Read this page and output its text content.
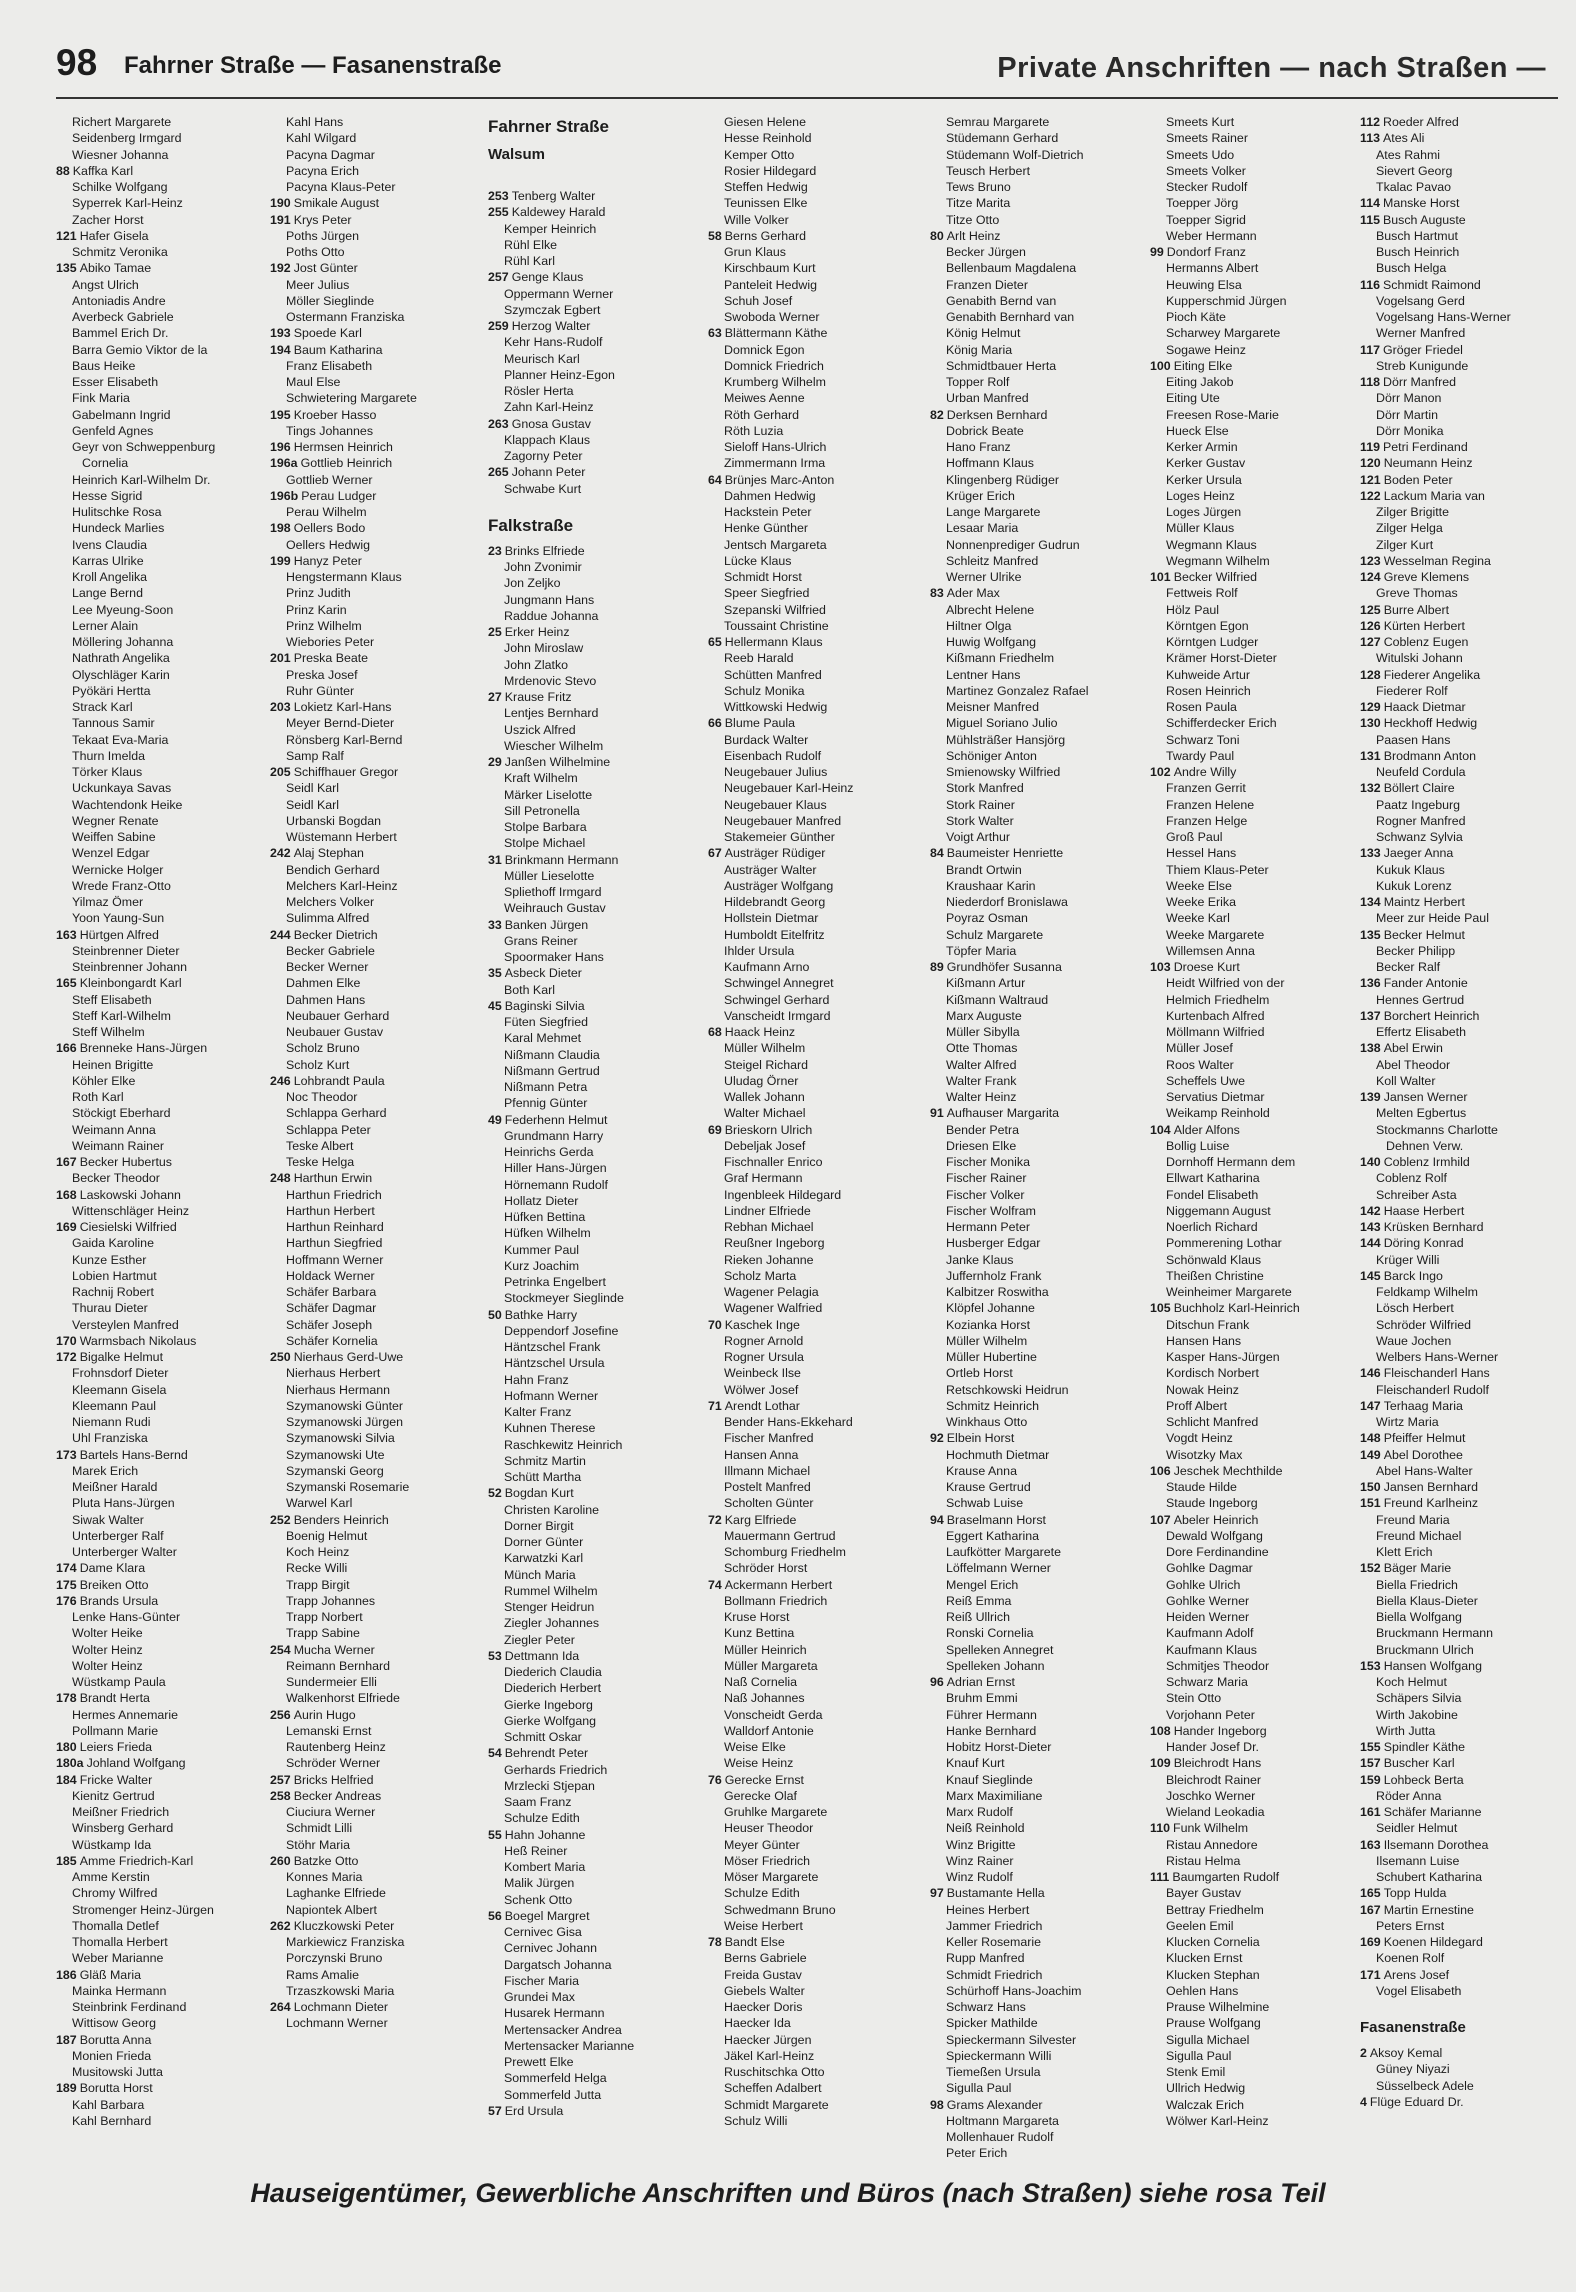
98 Fahrner Straße — Fasanenstraße	Private Anschriften — nach Straßen —
Richert Margarete
Seidenberg Irmgard
Wiesner Johanna
88 Kaffka Karl
Schilke Wolfgang
Syperrek Karl-Heinz
Zacher Horst
121 Hafer Gisela
Schmitz Veronika
135 Abiko Tamae
Angst Ulrich
Antoniadis Andre
Averbeck Gabriele
Bammel Erich Dr.
Barra Gemio Viktor de la
Baus Heike
Esser Elisabeth
Fink Maria
Gabelmann Ingrid
Genfeld Agnes
Geyr von Schweppenburg
Cornelia
Heinrich Karl-Wilhelm Dr.
Hesse Sigrid
Hulitschke Rosa
Hundeck Marlies
Ivens Claudia
Karras Ulrike
Kroll Angelika
Lange Bernd
Lee Myeung-Soon
Lerner Alain
Möllering Johanna
Nathrath Angelika
Olyschläger Karin
Pyökäri Hertta
Strack Karl
Tannous Samir
Tekaat Eva-Maria
Thurn Imelda
Törker Klaus
Uckunkaya Savas
Wachtendonk Heike
Wegner Renate
Weiffen Sabine
Wenzel Edgar
Wernicke Holger
Wrede Franz-Otto
Yilmaz Ömer
Yoon Yaung-Sun
163 Hürtgen Alfred
Steinbrenner Dieter
Steinbrenner Johann
165 Kleinbongardt Karl
Steff Elisabeth
Steff Karl-Wilhelm
Steff Wilhelm
166 Brenneke Hans-Jürgen
Heinen Brigitte
Köhler Elke
Roth Karl
Stöckigt Eberhard
Weimann Anna
Weimann Rainer
167 Becker Hubertus
Becker Theodor
168 Laskowski Johann
Wittenschläger Heinz
169 Ciesielski Wilfried
Gaida Karoline
Kunze Esther
Lobien Hartmut
Rachnij Robert
Thurau Dieter
Versteylen Manfred
170 Warmsbach Nikolaus
172 Bigalke Helmut
Frohnsdorf Dieter
Kleemann Gisela
Kleemann Paul
Niemann Rudi
Uhl Franziska
173 Bartels Hans-Bernd
Marek Erich
Meißner Harald
Pluta Hans-Jürgen
Siwak Walter
Unterberger Ralf
Unterberger Walter
174 Dame Klara
175 Breiken Otto
176 Brands Ursula
Lenke Hans-Günter
Wolter Heike
Wolter Heinz
Wolter Heinz
Wüstkamp Paula
178 Brandt Herta
Hermes Annemarie
Pollmann Marie
180 Leiers Frieda
180a Johland Wolfgang
184 Fricke Walter
Kienitz Gertrud
Meißner Friedrich
Winsberg Gerhard
Wüstkamp Ida
185 Amme Friedrich-Karl
Amme Kerstin
Chromy Wilfred
Stromenger Heinz-Jürgen
Thomalla Detlef
Thomalla Herbert
Weber Marianne
186 Gläß Maria
Mainka Hermann
Steinbrink Ferdinand
Wittisow Georg
187 Borutta Anna
Monien Frieda
Musitowski Jutta
189 Borutta Horst
Kahl Barbara
Kahl Bernhard
Kahl Hans
Kahl Wilgard
Pacyna Dagmar
Pacyna Erich
Pacyna Klaus-Peter
190 Smikale August
191 Krys Peter
Poths Jürgen
Poths Otto
192 Jost Günter
Meer Julius
Möller Sieglinde
Ostermann Franziska
193 Spoede Karl
194 Baum Katharina
Franz Elisabeth
Maul Else
Schwietering Margarete
195 Kroeber Hasso
Tings Johannes
196 Hermsen Heinrich
196a Gottlieb Heinrich
Gottlieb Werner
196b Perau Ludger
Perau Wilhelm
198 Oellers Bodo
Oellers Hedwig
199 Hanyz Peter
Hengstermann Klaus
Prinz Judith
Prinz Karin
Prinz Wilhelm
Wiebories Peter
201 Preska Beate
Preska Josef
Ruhr Günter
203 Lokietz Karl-Hans
Meyer Bernd-Dieter
Rönsberg Karl-Bernd
Samp Ralf
205 Schiffhauer Gregor
Seidl Karl
Seidl Karl
Urbanski Bogdan
Wüstemann Herbert
242 Alaj Stephan
Bendich Gerhard
Melchers Karl-Heinz
Melchers Volker
Sulimma Alfred
244 Becker Dietrich
Becker Gabriele
Becker Werner
Dahmen Elke
Dahmen Hans
Neubauer Gerhard
Neubauer Gustav
Scholz Bruno
Scholz Kurt
246 Lohbrandt Paula
Noc Theodor
Schlappa Gerhard
Schlappa Peter
Teske Albert
Teske Helga
248 Harthun Erwin
Harthun Friedrich
Harthun Herbert
Harthun Reinhard
Harthun Siegfried
Hoffmann Werner
Holdack Werner
Schäfer Barbara
Schäfer Dagmar
Schäfer Joseph
Schäfer Kornelia
250 Nierhaus Gerd-Uwe
Nierhaus Herbert
Nierhaus Hermann
Szymanowski Günter
Szymanowski Jürgen
Szymanowski Silvia
Szymanowski Ute
Szymanski Georg
Szymanski Rosemarie
Warwel Karl
252 Benders Heinrich
Boenig Helmut
Koch Heinz
Recke Willi
Trapp Birgit
Trapp Johannes
Trapp Norbert
Trapp Sabine
254 Mucha Werner
Reimann Bernhard
Sundermeier Elli
Walkenhorst Elfriede
256 Aurin Hugo
Lemanski Ernst
Rautenberg Heinz
Schröder Werner
257 Bricks Helfried
258 Becker Andreas
Ciuciura Werner
Schmidt Lilli
Stöhr Maria
260 Batzke Otto
Konnes Maria
Laghanke Elfriede
Napiontek Albert
262 Kluczkowski Peter
Markiewicz Franziska
Porczynski Bruno
Rams Amalie
Trzaszkowski Maria
264 Lochmann Dieter
Lochmann Werner
Fahrner Straße
Walsum
253 Tenberg Walter
255 Kaldewey Harald
Kemper Heinrich
Rühl Elke
Rühl Karl
257 Genge Klaus
Oppermann Werner
Szymczak Egbert
259 Herzog Walter
Kehr Hans-Rudolf
Meurisch Karl
Planner Heinz-Egon
Rösler Herta
Zahn Karl-Heinz
263 Gnosa Gustav
Klappach Klaus
Zagorny Peter
265 Johann Peter
Schwabe Kurt
Falkstraße
23 Brinks Elfriede
John Zvonimir
Jon Zeljko
Jungmann Hans
Raddue Johanna
25 Erker Heinz
John Miroslaw
John Zlatko
Mrdenovic Stevo
27 Krause Fritz
Lentjes Bernhard
Uszick Alfred
Wiescher Wilhelm
29 Janßen Wilhelmine
Kraft Wilhelm
Märker Liselotte
Sill Petronella
Stolpe Barbara
Stolpe Michael
31 Brinkmann Hermann
Müller Lieselotte
Spliethoff Irmgard
Weihrauch Gustav
33 Banken Jürgen
Grans Reiner
Spoormaker Hans
35 Asbeck Dieter
Both Karl
45 Baginski Silvia
Füten Siegfried
Karal Mehmet
Nißmann Claudia
Nißmann Gertrud
Nißmann Petra
Pfennig Günter
49 Federhenn Helmut
Grundmann Harry
Heinrichs Gerda
Hiller Hans-Jürgen
Hörnemann Rudolf
Hollatz Dieter
Hüfken Bettina
Hüfken Wilhelm
Kummer Paul
Kurz Joachim
Petrinka Engelbert
Stockmeyer Sieglinde
50 Bathke Harry
Deppendorf Josefine
Häntzschel Frank
Häntzschel Ursula
Hahn Franz
Hofmann Werner
Kalter Franz
Kuhnen Therese
Raschkewitz Heinrich
Schmitz Martin
Schütt Martha
52 Bogdan Kurt
Christen Karoline
Dorner Birgit
Dorner Günter
Karwatzki Karl
Münch Maria
Rummel Wilhelm
Stenger Heidrun
Ziegler Johannes
Ziegler Peter
53 Dettmann Ida
Diederich Claudia
Diederich Herbert
Gierke Ingeborg
Gierke Wolfgang
Schmitt Oskar
54 Behrendt Peter
Gerhards Friedrich
Mrzlecki Stjepan
Saam Franz
Schulze Edith
55 Hahn Johanne
Heß Reiner
Kombert Maria
Malik Jürgen
Schenk Otto
56 Boegel Margret
Cernivec Gisa
Cernivec Johann
Dargatsch Johanna
Fischer Maria
Grundei Max
Husarek Hermann
Mertensacker Andrea
Mertensacker Marianne
Prewett Elke
Sommerfeld Helga
Sommerfeld Jutta
57 Erd Ursula
Giesen Helene
Hesse Reinhold
Kemper Otto
Rosier Hildegard
Steffen Hedwig
Teunissen Elke
Wille Volker
58 Berns Gerhard
Grun Klaus
Kirschbaum Kurt
Panteleit Hedwig
Schuh Josef
Swoboda Werner
63 Blättermann Käthe
Domnick Egon
Domnick Friedrich
Krumberg Wilhelm
Meiwes Aenne
Röth Gerhard
Röth Luzia
Sieloff Hans-Ulrich
Zimmermann Irma
64 Brünjes Marc-Anton
Dahmen Hedwig
Hackstein Peter
Henke Günther
Jentsch Margareta
Lücke Klaus
Schmidt Horst
Speer Siegfried
Szepanski Wilfried
Toussaint Christine
65 Hellermann Klaus
Reeb Harald
Schütten Manfred
Schulz Monika
Wittkowski Hedwig
66 Blume Paula
Burdack Walter
Eisenbach Rudolf
Neugebauer Julius
Neugebauer Karl-Heinz
Neugebauer Klaus
Neugebauer Manfred
Stakemeier Günther
67 Austräger Rüdiger
Austräger Walter
Austräger Wolfgang
Hildebrandt Georg
Hollstein Dietmar
Humboldt Eitelfritz
Ihlder Ursula
Kaufmann Arno
Schwingel Annegret
Schwingel Gerhard
Vanscheidt Irmgard
68 Haack Heinz
Müller Wilhelm
Steigel Richard
Uludag Örner
Wallek Johann
Walter Michael
69 Brieskorn Ulrich
Debeljak Josef
Fischnaller Enrico
Graf Hermann
Ingenbleek Hildegard
Lindner Elfriede
Rebhan Michael
Reußner Ingeborg
Rieken Johanne
Scholz Marta
Wagener Pelagia
Wagener Walfried
70 Kaschek Inge
Rogner Arnold
Rogner Ursula
Weinbeck Ilse
Wölwer Josef
71 Arendt Lothar
Bender Hans-Ekkehard
Fischer Manfred
Hansen Anna
Illmann Michael
Postelt Manfred
Scholten Günter
72 Karg Elfriede
Mauermann Gertrud
Schomburg Friedhelm
Schröder Horst
74 Ackermann Herbert
Bollmann Friedrich
Kruse Horst
Kunz Bettina
Müller Heinrich
Müller Margareta
Naß Cornelia
Naß Johannes
Vonscheidt Gerda
Walldorf Antonie
Weise Elke
Weise Heinz
76 Gerecke Ernst
Gerecke Olaf
Gruhlke Margarete
Heuser Theodor
Meyer Günter
Möser Friedrich
Möser Margarete
Schulze Edith
Schwedmann Bruno
Weise Herbert
78 Bandt Else
Berns Gabriele
Freida Gustav
Giebels Walter
Haecker Doris
Haecker Ida
Haecker Jürgen
Jäkel Karl-Heinz
Ruschitschka Otto
Scheffen Adalbert
Schmidt Margarete
Schulz Willi
Semrau Margarete
Stüdemann Gerhard
Stüdemann Wolf-Dietrich
Teusch Herbert
Tews Bruno
Titze Marita
Titze Otto
80 Arlt Heinz
Becker Jürgen
Bellenbaum Magdalena
Franzen Dieter
Genabith Bernd van
Genabith Bernhard van
König Helmut
König Maria
Schmidtbauer Herta
Topper Rolf
Urban Manfred
82 Derksen Bernhard
Dobrick Beate
Hano Franz
Hoffmann Klaus
Klingenberg Rüdiger
Krüger Erich
Lange Margarete
Lesaar Maria
Nonnenprediger Gudrun
Schleitz Manfred
Werner Ulrike
83 Ader Max
Albrecht Helene
Hiltner Olga
Huwig Wolfgang
Kißmann Friedhelm
Lentner Hans
Martinez Gonzalez Rafael
Meisner Manfred
Miguel Soriano Julio
Mühlsträßer Hansjörg
Schöniger Anton
Smienowsky Wilfried
Stork Manfred
Stork Rainer
Stork Walter
Voigt Arthur
84 Baumeister Henriette
Brandt Ortwin
Kraushaar Karin
Niederdorf Bronislawa
Poyraz Osman
Schulz Margarete
Töpfer Maria
89 Grundhöfer Susanna
Kißmann Artur
Kißmann Waltraud
Marx Auguste
Müller Sibylla
Otte Thomas
Walter Alfred
Walter Frank
Walter Heinz
91 Aufhauser Margarita
Bender Petra
Driesen Elke
Fischer Monika
Fischer Rainer
Fischer Volker
Fischer Wolfram
Hermann Peter
Husberger Edgar
Janke Klaus
Juffernholz Frank
Kalbitzer Roswitha
Klöpfel Johanne
Kozianka Horst
Müller Wilhelm
Müller Hubertine
Ortleb Horst
Retschkowski Heidrun
Schmitz Heinrich
Winkhaus Otto
92 Elbein Horst
Hochmuth Dietmar
Krause Anna
Krause Gertrud
Schwab Luise
94 Braselmann Horst
Eggert Katharina
Laufkötter Margarete
Löffelmann Werner
Mengel Erich
Reiß Emma
Reiß Ullrich
Ronski Cornelia
Spelleken Annegret
Spelleken Johann
96 Adrian Ernst
Bruhm Emmi
Führer Hermann
Hanke Bernhard
Hobitz Horst-Dieter
Knauf Kurt
Knauf Sieglinde
Marx Maximiliane
Marx Rudolf
Neiß Reinhold
Winz Brigitte
Winz Rainer
Winz Rudolf
97 Bustamante Hella
Heines Herbert
Jammer Friedrich
Keller Rosemarie
Rupp Manfred
Schmidt Friedrich
Schürhoff Hans-Joachim
Schwarz Hans
Spicker Mathilde
Spieckermann Silvester
Spieckermann Willi
Tiemeßen Ursula
Sigulla Paul
98 Grams Alexander
Holtmann Margareta
Mollenhauer Rudolf
Peter Erich
Smeets Kurt
Smeets Rainer
Smeets Udo
Smeets Volker
Stecker Rudolf
Toepper Jörg
Toepper Sigrid
Weber Hermann
99 Dondorf Franz
Hermanns Albert
Heuwing Elsa
Kupperschmid Jürgen
Pioch Käte
Scharwey Margarete
Sogawe Heinz
100 Eiting Elke
Eiting Jakob
Eiting Ute
Freesen Rose-Marie
Hueck Else
Kerker Armin
Kerker Gustav
Kerker Ursula
Loges Heinz
Loges Jürgen
Müller Klaus
Wegmann Klaus
Wegmann Wilhelm
101 Becker Wilfried
Fettweis Rolf
Hölz Paul
Körntgen Egon
Körntgen Ludger
Krämer Horst-Dieter
Kuhweide Artur
Rosen Heinrich
Rosen Paula
Schifferdecker Erich
Schwarz Toni
Twardy Paul
102 Andre Willy
Franzen Gerrit
Franzen Helene
Franzen Helge
Groß Paul
Hessel Hans
Thiem Klaus-Peter
Weeke Else
Weeke Erika
Weeke Karl
Weeke Margarete
Willemsen Anna
103 Droese Kurt
Heidt Wilfried von der
Helmich Friedhelm
Kurtenbach Alfred
Möllmann Wilfried
Müller Josef
Roos Walter
Scheffels Uwe
Servatius Dietmar
Weikamp Reinhold
104 Alder Alfons
Bollig Luise
Dornhoff Hermann dem
Ellwart Katharina
Fondel Elisabeth
Niggemann August
Noerlich Richard
Pommerening Lothar
Schönwald Klaus
Theißen Christine
Weinheimer Margarete
105 Buchholz Karl-Heinrich
Ditschun Frank
Hansen Hans
Kasper Hans-Jürgen
Kordisch Norbert
Nowak Heinz
Proff Albert
Schlicht Manfred
Vogdt Heinz
Wisotzky Max
106 Jeschek Mechthilde
Staude Hilde
Staude Ingeborg
107 Abeler Heinrich
Dewald Wolfgang
Dore Ferdinandine
Gohlke Dagmar
Gohlke Ulrich
Gohlke Werner
Heiden Werner
Kaufmann Adolf
Kaufmann Klaus
Schmitjes Theodor
Schwarz Maria
Stein Otto
Vorjohann Peter
108 Hander Ingeborg
Hander Josef Dr.
109 Bleichrodt Hans
Bleichrodt Rainer
Joschko Werner
Wieland Leokadia
110 Funk Wilhelm
Ristau Annedore
Ristau Helma
111 Baumgarten Rudolf
Bayer Gustav
Bettray Friedhelm
Geelen Emil
Klucken Cornelia
Klucken Ernst
Klucken Stephan
Oehlen Hans
Prause Wilhelmine
Prause Wolfgang
Sigulla Michael
Sigulla Paul
Stenk Emil
Ullrich Hedwig
Walczak Erich
Wölwer Karl-Heinz
112 Roeder Alfred
113 Ates Ali
Ates Rahmi
Sievert Georg
Tkalac Pavao
114 Manske Horst
115 Busch Auguste
Busch Hartmut
Busch Heinrich
Busch Helga
116 Schmidt Raimond
Vogelsang Gerd
Vogelsang Hans-Werner
Werner Manfred
117 Gröger Friedel
Streb Kunigunde
118 Dörr Manfred
Dörr Manon
Dörr Martin
Dörr Monika
119 Petri Ferdinand
120 Neumann Heinz
121 Boden Peter
122 Lackum Maria van
Zilger Brigitte
Zilger Helga
Zilger Kurt
123 Wesselman Regina
124 Greve Klemens
Greve Thomas
125 Burre Albert
126 Kürten Herbert
127 Coblenz Eugen
Witulski Johann
128 Fiederer Angelika
Fiederer Rolf
129 Haack Dietmar
130 Heckhoff Hedwig
Paasen Hans
131 Brodmann Anton
Neufeld Cordula
132 Böllert Claire
Paatz Ingeburg
Rogner Manfred
Schwanz Sylvia
133 Jaeger Anna
Kukuk Klaus
Kukuk Lorenz
134 Maintz Herbert
Meer zur Heide Paul
135 Becker Helmut
Becker Philipp
Becker Ralf
136 Fander Antonie
Hennes Gertrud
137 Borchert Heinrich
Effertz Elisabeth
138 Abel Erwin
Abel Theodor
Koll Walter
139 Jansen Werner
Melten Egbertus
Stockmanns Charlotte
Dehnen Verw.
140 Coblenz Irmhild
Coblenz Rolf
Schreiber Asta
142 Haase Herbert
143 Krüsken Bernhard
144 Döring Konrad
Krüger Willi
145 Barck Ingo
Feldkamp Wilhelm
Lösch Herbert
Schröder Wilfried
Waue Jochen
Welbers Hans-Werner
146 Fleischanderl Hans
Fleischanderl Rudolf
147 Terhaag Maria
Wirtz Maria
148 Pfeiffer Helmut
149 Abel Dorothee
Abel Hans-Walter
150 Jansen Bernhard
151 Freund Karlheinz
Freund Maria
Freund Michael
Klett Erich
152 Bäger Marie
Biella Friedrich
Biella Klaus-Dieter
Biella Wolfgang
Bruckmann Hermann
Bruckmann Ulrich
153 Hansen Wolfgang
Koch Helmut
Schäpers Silvia
Wirth Jakobine
Wirth Jutta
155 Spindler Käthe
157 Buscher Karl
159 Lohbeck Berta
Röder Anna
161 Schäfer Marianne
Seidler Helmut
163 Ilsemann Dorothea
Ilsemann Luise
Schubert Katharina
165 Topp Hulda
167 Martin Ernestine
Peters Ernst
169 Koenen Hildegard
Koenen Rolf
171 Arens Josef
Vogel Elisabeth
Fasanenstraße
2 Aksoy Kemal
Güney Niyazi
Süsselbeck Adele
4 Flüge Eduard Dr.
Hauseigentümer, Gewerbliche Anschriften und Büros (nach Straßen) siehe rosa Teil
